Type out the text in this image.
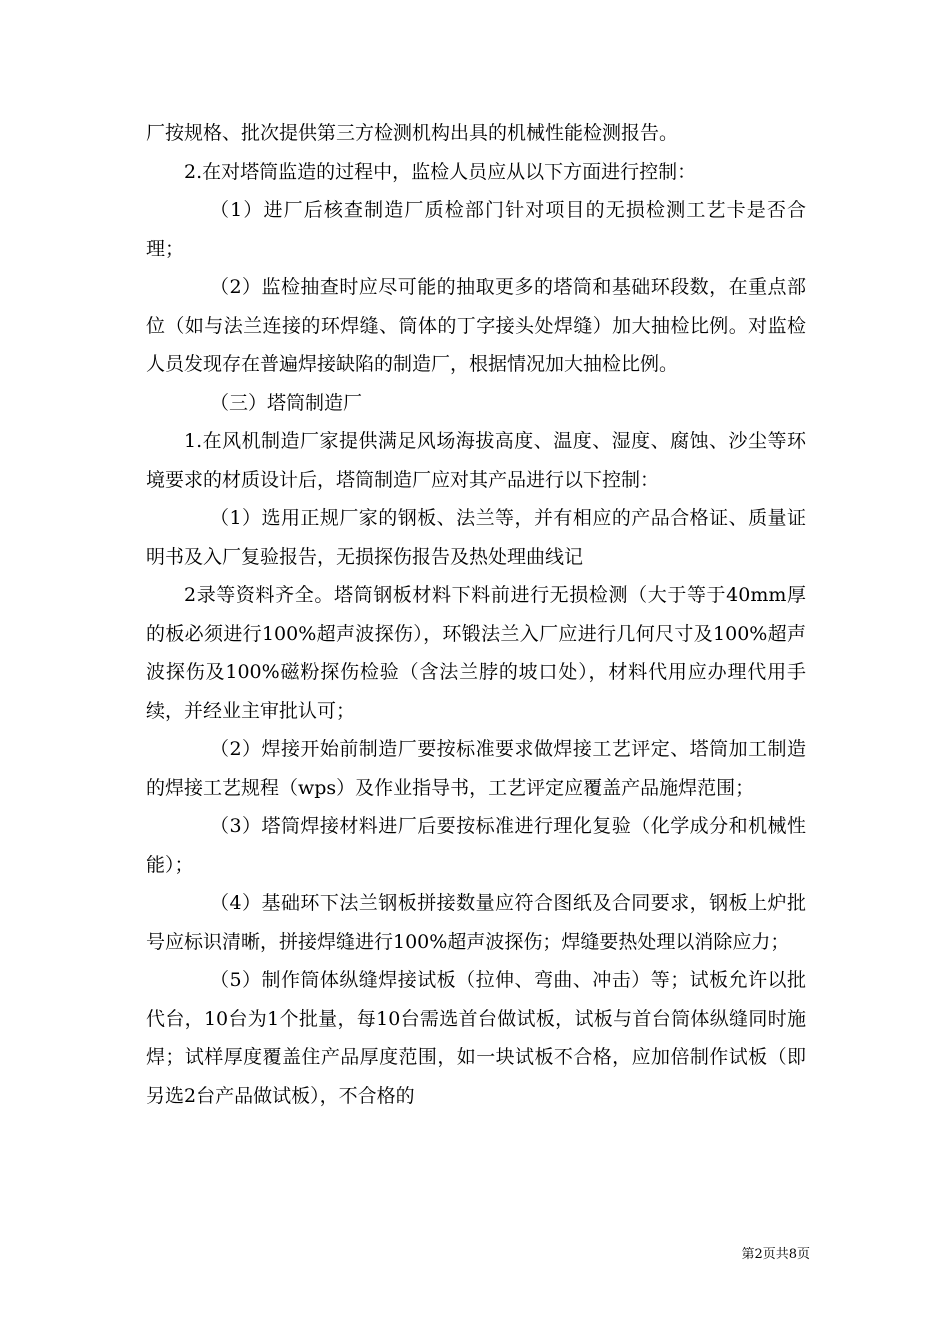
厂按规格、批次提供第三方检测机构出具的机械性能检测报告。

2.在对塔筒监造的过程中，监检人员应从以下方面进行控制：

（1）进厂后核查制造厂质检部门针对项目的无损检测工艺卡是否合理；

（2）监检抽查时应尽可能的抽取更多的塔筒和基础环段数，在重点部位（如与法兰连接的环焊缝、筒体的丁字接头处焊缝）加大抽检比例。对监检人员发现存在普遍焊接缺陷的制造厂，根据情况加大抽检比例。

（三）塔筒制造厂

1.在风机制造厂家提供满足风场海拔高度、温度、湿度、腐蚀、沙尘等环境要求的材质设计后，塔筒制造厂应对其产品进行以下控制：

（1）选用正规厂家的钢板、法兰等，并有相应的产品合格证、质量证明书及入厂复验报告，无损探伤报告及热处理曲线记

2录等资料齐全。塔筒钢板材料下料前进行无损检测（大于等于40mm厚的板必须进行100%超声波探伤），环锻法兰入厂应进行几何尺寸及100%超声波探伤及100%磁粉探伤检验（含法兰脖的坡口处），材料代用应办理代用手续，并经业主审批认可；

（2）焊接开始前制造厂要按标准要求做焊接工艺评定、塔筒加工制造的焊接工艺规程（wps）及作业指导书，工艺评定应覆盖产品施焊范围；

（3）塔筒焊接材料进厂后要按标准进行理化复验（化学成分和机械性能）；

（4）基础环下法兰钢板拼接数量应符合图纸及合同要求，钢板上炉批号应标识清晰，拼接焊缝进行100%超声波探伤；焊缝要热处理以消除应力；

（5）制作筒体纵缝焊接试板（拉伸、弯曲、冲击）等；试板允许以批代台，10台为1个批量，每10台需选首台做试板，试板与首台筒体纵缝同时施焊；试样厚度覆盖住产品厚度范围，如一块试板不合格，应加倍制作试板（即另选2台产品做试板），不合格的

第2页共8页
